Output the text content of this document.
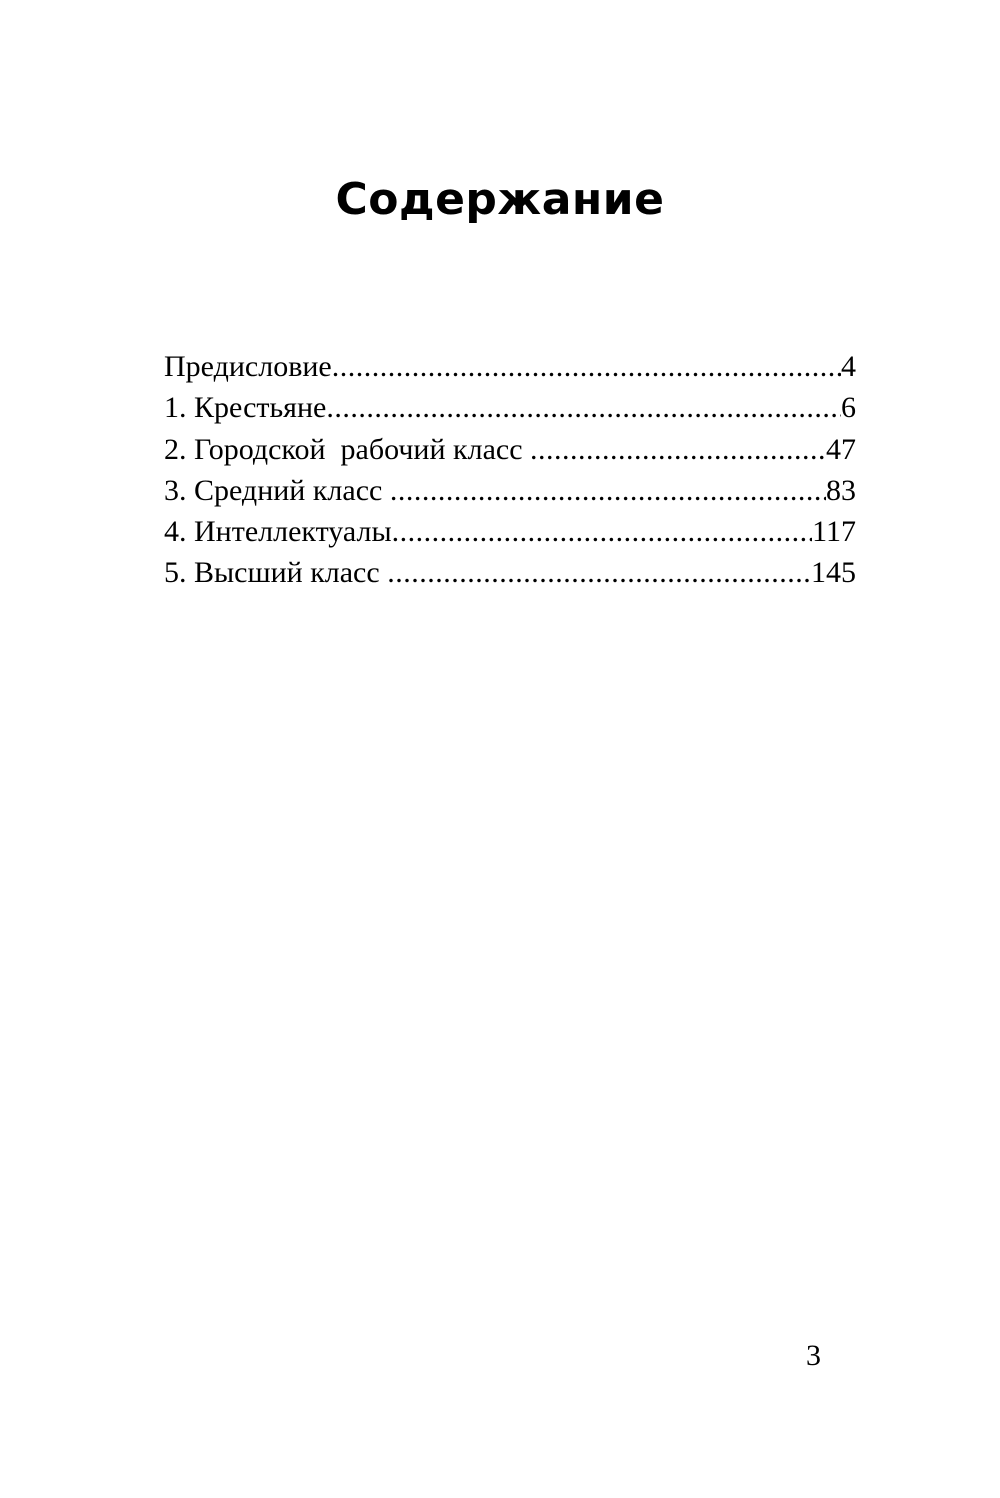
Содержание
Предисловие .....	4
1. Крестьяне .....	6
2. Городской  рабочий класс .....	47
3. Средний класс .....	83
4. Интеллектуалы .....	117
5. Высший класс .....	145
3
